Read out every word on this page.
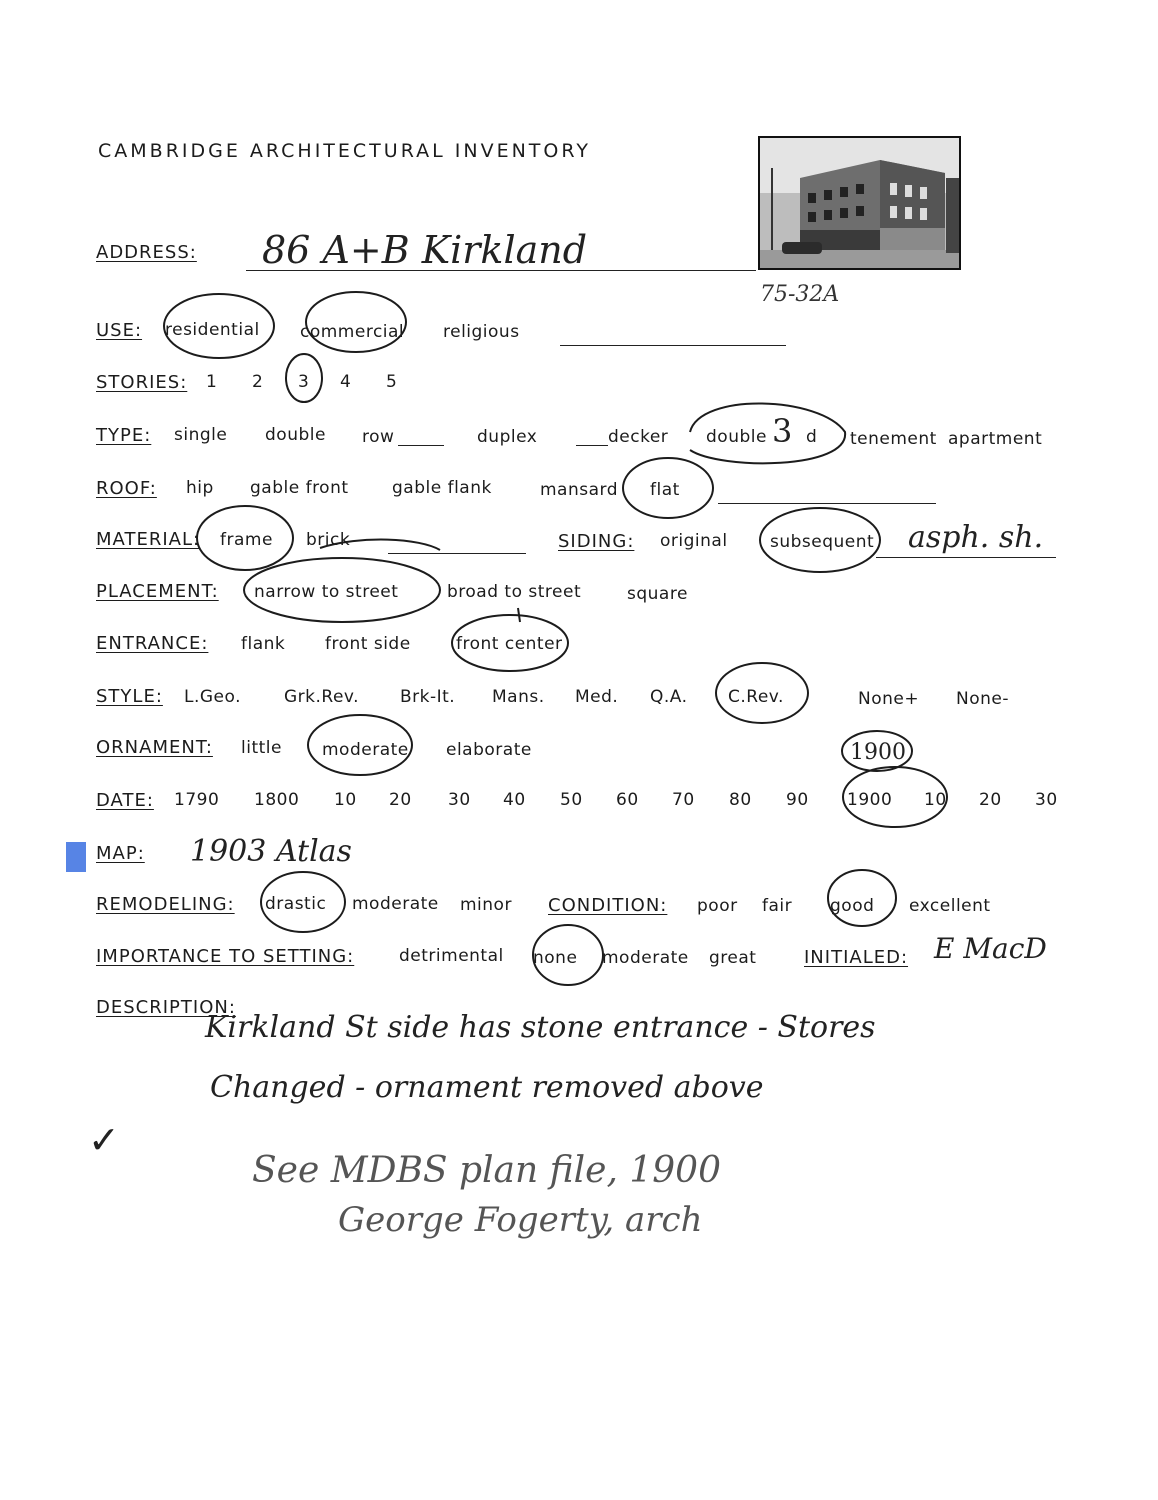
CAMBRIDGE ARCHITECTURAL INVENTORY
75-32A
ADDRESS: 86 A+B Kirkland
USE: residential commercial religious
STORIES: 1 2 3 4 5
TYPE: single double row	duplex	decker double 3 d tenement apartment
ROOF: hip gable front	gable flank	mansard flat
MATERIAL: frame brick	SIDING: original subsequent asph. sh.
PLACEMENT: narrow to street	broad to street	square
ENTRANCE: flank front side	front center
STYLE: L.Geo.	Grk.Rev. Brk-It. Mans. Med. Q.A. C.Rev.	None+ None-
ORNAMENT: little moderate elaborate	1900
DATE: 1790 1800 10 20 30 40 50 60 70 80 90 1900 10 20 30
MAP: 1903 Atlas
REMODELING: drastic moderate minor CONDITION: poor fair good excellent
IMPORTANCE TO SETTING:	detrimental none moderate great	INITIALED: E MacD
DESCRIPTION:
Kirkland St side has stone entrance - Stores
Changed - ornament removed above
✓
See MDBS plan file, 1900
George Fogerty, arch
